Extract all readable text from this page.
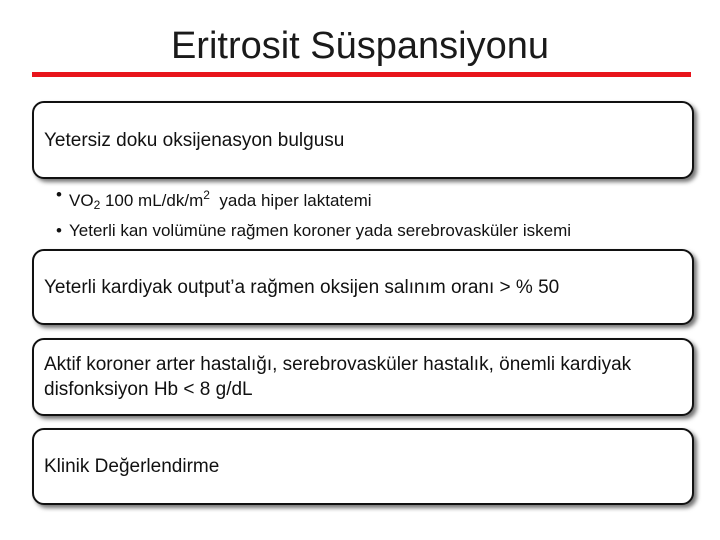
Eritrosit Süspansiyonu
Yetersiz doku oksijenasyon bulgusu
• $VO_2$ 100 $mL/dk/m^2$  yada hiper laktatemi
• Yeterli kan volümüne rağmen koroner yada serebrovasküler iskemi
Yeterli kardiyak output’a rağmen oksijen salınım oranı > % 50
Aktif koroner arter hastalığı, serebrovasküler hastalık, önemli kardiyak disfonksiyon Hb < 8 g/dL
Klinik Değerlendirme
